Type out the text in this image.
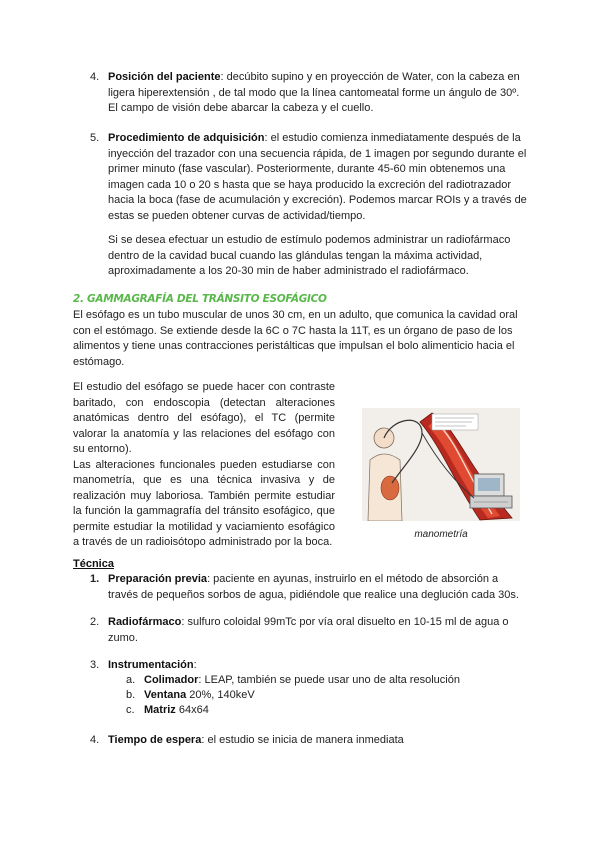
4. Posición del paciente: decúbito supino y en proyección de Water, con la cabeza en ligera hiperextensión , de tal modo que la línea cantomeatal forme un ángulo de 30º. El campo de visión debe abarcar la cabeza y el cuello.
5. Procedimiento de adquisición: el estudio comienza inmediatamente después de la inyección del trazador con una secuencia rápida, de 1 imagen por segundo durante el primer minuto (fase vascular). Posteriormente, durante 45-60 min obtenemos una imagen cada 10 o 20 s hasta que se haya producido la excreción del radiotrazador hacia la boca (fase de acumulación y excreción). Podemos marcar ROIs y a través de estas se pueden obtener curvas de actividad/tiempo.
Si se desea efectuar un estudio de estímulo podemos administrar un radiofármaco dentro de la cavidad bucal cuando las glándulas tengan la máxima actividad, aproximadamente a los 20-30 min de haber administrado el radiofármaco.
2. GAMMAGRAFÍA DEL TRÁNSITO ESOFÁGICO
El esófago es un tubo muscular de unos 30 cm, en un adulto, que comunica la cavidad oral con el estómago. Se extiende desde la 6C o 7C hasta la 11T, es un órgano de paso de los alimentos y tiene unas contracciones peristálticas que impulsan el bolo alimenticio hacia el estómago.
El estudio del esófago se puede hacer con contraste baritado, con endoscopia (detectan alteraciones anatómicas dentro del esófago), el TC (permite valorar la anatomía y las relaciones del esófago con su entorno).
Las alteraciones funcionales pueden estudiarse con manometría, que es una técnica invasiva y de realización muy laboriosa. También permite estudiar la función la gammagrafía del tránsito esofágico, que permite estudiar la motilidad y vaciamiento esofágico a través de un radioisótopo administrado por la boca.
manometría
Técnica
1. Preparación previa: paciente en ayunas, instruirlo en el método de absorción a través de pequeños sorbos de agua, pidiéndole que realice una deglución cada 30s.
2. Radiofármaco: sulfuro coloidal 99mTc por vía oral disuelto en 10-15 ml de agua o zumo.
3. Instrumentación:
a. Colimador: LEAP, también se puede usar uno de alta resolución
b. Ventana 20%, 140keV
c. Matriz 64x64
4. Tiempo de espera: el estudio se inicia de manera inmediata
